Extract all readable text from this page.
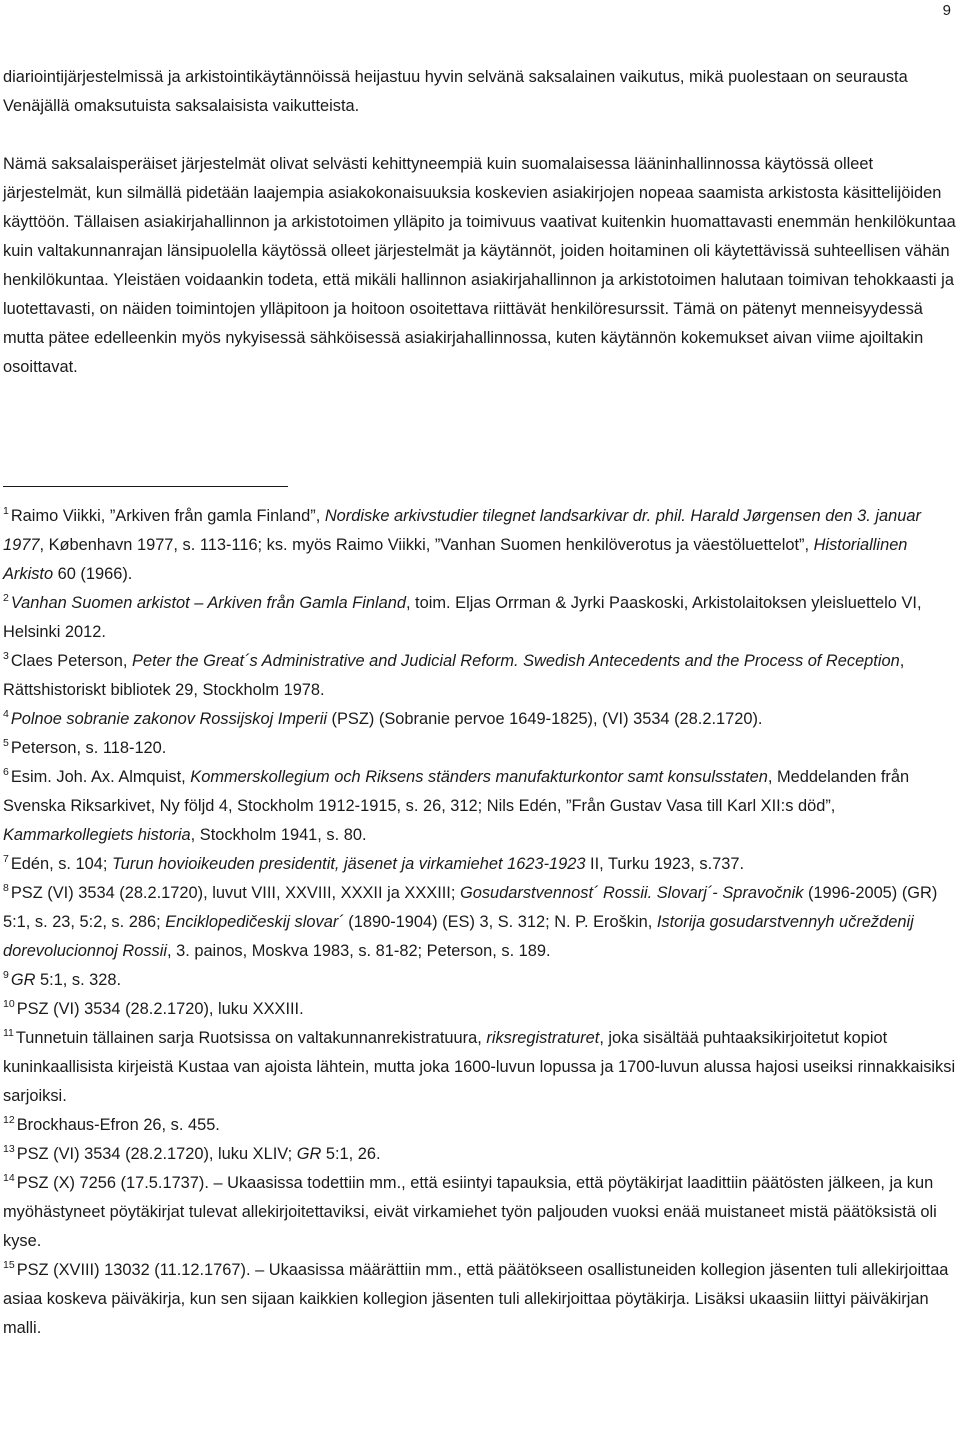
9

diariointijärjestelmissä ja arkistointikäytännöissä heijastuu hyvin selvänä saksalainen vaikutus, mikä puolestaan on seurausta Venäjällä omaksutuista saksalaisista vaikutteista.

Nämä saksalaisperäiset järjestelmät olivat selvästi kehittyneempiä kuin suomalaisessa lääninhallinnossa käytössä olleet järjestelmät, kun silmällä pidetään laajempia asiakokonaisuuksia koskevien asiakirjojen nopeaa saamista arkistosta käsittelijöiden käyttöön. Tällaisen asiakirjahallinnon ja arkistotoimen ylläpito ja toimivuus vaativat kuitenkin huomattavasti enemmän henkilökuntaa kuin valtakunnanrajan länsipuolella käytössä olleet järjestelmät ja käytännöt, joiden hoitaminen oli käytettävissä suhteellisen vähän henkilökuntaa. Yleistäen voidaankin todeta, että mikäli hallinnon asiakirjahallinnon ja arkistotoimen halutaan toimivan tehokkaasti ja luotettavasti, on näiden toimintojen ylläpitoon ja hoitoon osoitettava riittävät henkilöresurssit. Tämä on pätenyt menneisyydessä mutta pätee edelleenkin myös nykyisessä sähköisessä asiakirjahallinnossa, kuten käytännön kokemukset aivan viime ajoiltakin osoittavat.

$^1$ Raimo Viikki, ”Arkiven från gamla Finland”, Nordiske arkivstudier tilegnet landsarkivar dr. phil. Harald Jørgensen den 3. januar 1977, København 1977, s. 113-116; ks. myös Raimo Viikki, ”Vanhan Suomen henkilöverotus ja väestöluettelot”, Historiallinen Arkisto 60 (1966).

$^2$ Vanhan Suomen arkistot – Arkiven från Gamla Finland, toim. Eljas Orrman & Jyrki Paaskoski, Arkistolaitoksen yleisluettelo VI, Helsinki 2012.

$^3$ Claes Peterson, Peter the Great´s Administrative and Judicial Reform. Swedish Antecedents and the Process of Reception, Rättshistoriskt bibliotek 29, Stockholm 1978.

$^4$ Polnoe sobranie zakonov Rossijskoj Imperii (PSZ) (Sobranie pervoe 1649-1825), (VI) 3534 (28.2.1720).

$^5$ Peterson, s. 118-120.

$^6$ Esim. Joh. Ax. Almquist, Kommerskollegium och Riksens ständers manufakturkontor samt konsulsstaten, Meddelanden från Svenska Riksarkivet, Ny följd 4, Stockholm 1912-1915, s. 26, 312; Nils Edén, ”Från Gustav Vasa till Karl XII:s död”, Kammarkollegiets historia, Stockholm 1941, s. 80.

$^7$ Edén, s. 104; Turun hovioikeuden presidentit, jäsenet ja virkamiehet 1623-1923 II, Turku 1923, s.737.

$^8$ PSZ (VI) 3534 (28.2.1720), luvut VIII, XXVIII, XXXII ja XXXIII; Gosudarstvennost´ Rossii. Slovarj´- Spravočnik (1996-2005) (GR) 5:1, s. 23, 5:2, s. 286; Enciklopedičeskij slovar´ (1890-1904) (ES) 3, S. 312; N. P. Eroškin, Istorija gosudarstvennyh učreždenij dorevolucionnoj Rossii, 3. painos, Moskva 1983, s. 81-82; Peterson, s. 189.

$^9$ GR 5:1, s. 328.

$^{10}$ PSZ (VI) 3534 (28.2.1720), luku XXXIII.

$^{11}$ Tunnetuin tällainen sarja Ruotsissa on valtakunnanrekistratuura, riksregistraturet, joka sisältää puhtaaksikirjoitetut kopiot kuninkaallisista kirjeistä Kustaa van ajoista lähtein, mutta joka 1600-luvun lopussa ja 1700-luvun alussa hajosi useiksi rinnakkaisiksi sarjoiksi.

$^{12}$ Brockhaus-Efron 26, s. 455.

$^{13}$ PSZ (VI) 3534 (28.2.1720), luku XLIV; GR 5:1, 26.

$^{14}$ PSZ (X) 7256 (17.5.1737). – Ukaasissa todettiin mm., että esiintyi tapauksia, että pöytäkirjat laadittiin päätösten jälkeen, ja kun myöhästyneet pöytäkirjat tulevat allekirjoitettaviksi, eivät virkamiehet työn paljouden vuoksi enää muistaneet mistä päätöksistä oli kyse.

$^{15}$ PSZ (XVIII) 13032 (11.12.1767). – Ukaasissa määrättiin mm., että päätökseen osallistuneiden kollegion jäsenten tuli allekirjoittaa asiaa koskeva päiväkirja, kun sen sijaan kaikkien kollegion jäsenten tuli allekirjoittaa pöytäkirja. Lisäksi ukaasiin liittyi päiväkirjan malli.
